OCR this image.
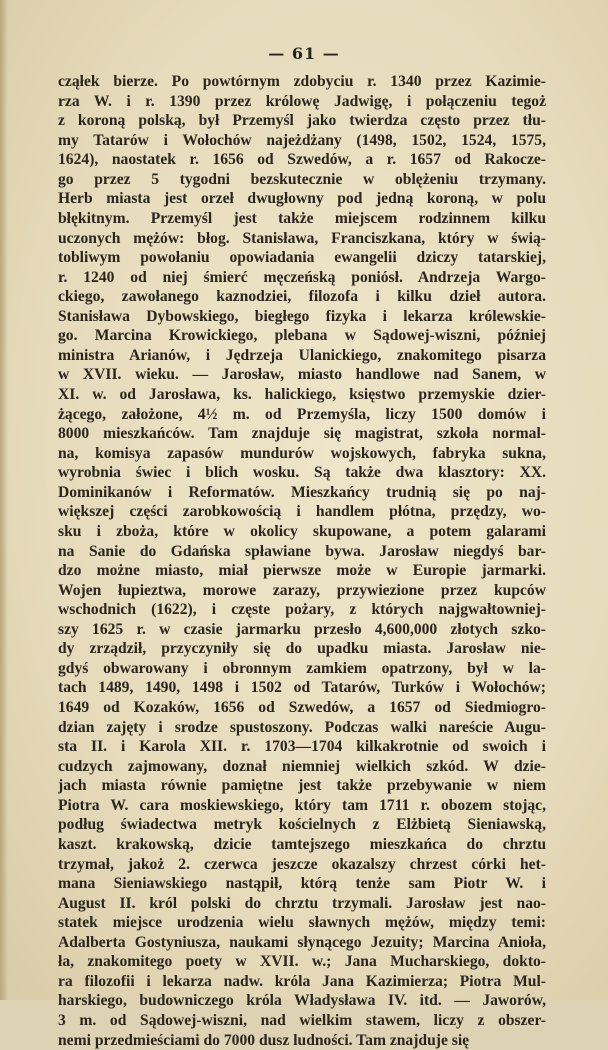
— 61 —
cząłek bierze. Po powtórnym zdobyciu r. 1340 przez Kazimie-
rza W. i r. 1390 przez królowę Jadwigę, i połączeniu tegoż
z koroną polską, był Przemyśl jako twierdza często przez tłu-
my Tatarów i Wołochów najeżdżany (1498, 1502, 1524, 1575,
1624), naostatek r. 1656 od Szwedów, a r. 1657 od Rakocze-
go przez 5 tygodni bezskutecznie w oblężeniu trzymany.
Herb miasta jest orzeł dwugłowny pod jedną koroną, w polu
błękitnym. Przemyśl jest także miejscem rodzinnem kilku
uczonych mężów: błog. Stanisława, Franciszkana, który w świą-
tobliwym powołaniu opowiadania ewangelii dziczy tatarskiej,
r. 1240 od niej śmierć męczeńską poniósł. Andrzeja Wargo-
ckiego, zawołanego kaznodziei, filozofa i kilku dzieł autora.
Stanisława Dybowskiego, biegłego fizyka i lekarza królewskie-
go. Marcina Krowickiego, plebana w Sądowej-wiszni, później
ministra Arianów, i Jędrzeja Ulanickiego, znakomitego pisarza
w XVII. wieku. — Jarosław, miasto handlowe nad Sanem, w
XI. w. od Jarosława, ks. halickiego, księstwo przemyskie dzier-
żącego, założone, 4½ m. od Przemyśla, liczy 1500 domów i
8000 mieszkańców. Tam znajduje się magistrat, szkoła normal-
na, komisya zapasów mundurów wojskowych, fabryka sukna,
wyrobnia świec i blich wosku. Są także dwa klasztory: XX.
Dominikanów i Reformatów. Mieszkańcy trudnią się po naj-
większej części zarobkowością i handlem płótna, przędzy, wo-
sku i zboża, które w okolicy skupowane, a potem galarami
na Sanie do Gdańska spławiane bywa. Jarosław niegdyś bar-
dzo możne miasto, miał pierwsze może w Europie jarmarki.
Wojen łupieztwa, morowe zarazy, przywiezione przez kupców
wschodnich (1622), i częste pożary, z których najgwałtowniej-
szy 1625 r. w czasie jarmarku przesło 4,600,000 złotych szko-
dy zrządził, przyczyniły się do upadku miasta. Jarosław nie-
gdyś obwarowany i obronnym zamkiem opatrzony, był w la-
tach 1489, 1490, 1498 i 1502 od Tatarów, Turków i Wołochów;
1649 od Kozaków, 1656 od Szwedów, a 1657 od Siedmiogro-
dzian zajęty i srodze spustoszony. Podczas walki nareście Augu-
sta II. i Karola XII. r. 1703—1704 kilkakrotnie od swoich i
cudzych zajmowany, doznał niemniej wielkich szkód. W dzie-
jach miasta równie pamiętne jest także przebywanie w niem
Piotra W. cara moskiewskiego, który tam 1711 r. obozem stojąc,
podług świadectwa metryk kościelnych z Elżbietą Sieniawską,
kaszt. krakowską, dzicie tamtejszego mieszkańca do chrztu
trzymał, jakoż 2. czerwca jeszcze okazalszy chrzest córki het-
mana Sieniawskiego nastąpił, którą tenże sam Piotr W. i
August II. król polski do chrztu trzymali. Jarosław jest nao-
statek miejsce urodzenia wielu sławnych mężów, między temi:
Adalberta Gostyniusza, naukami słynącego Jezuity; Marcina Anioła,
ła, znakomitego poety w XVII. w.; Jana Mucharskiego, dokto-
ra filozofii i lekarza nadw. króla Jana Kazimierza; Piotra Mul-
harskiego, budowniczego króla Władysława IV. itd. — Jaworów,
3 m. od Sądowej-wiszni, nad wielkim stawem, liczy z obszer-
nemi przedmieściami do 7000 dusz ludności. Tam znajduje się
